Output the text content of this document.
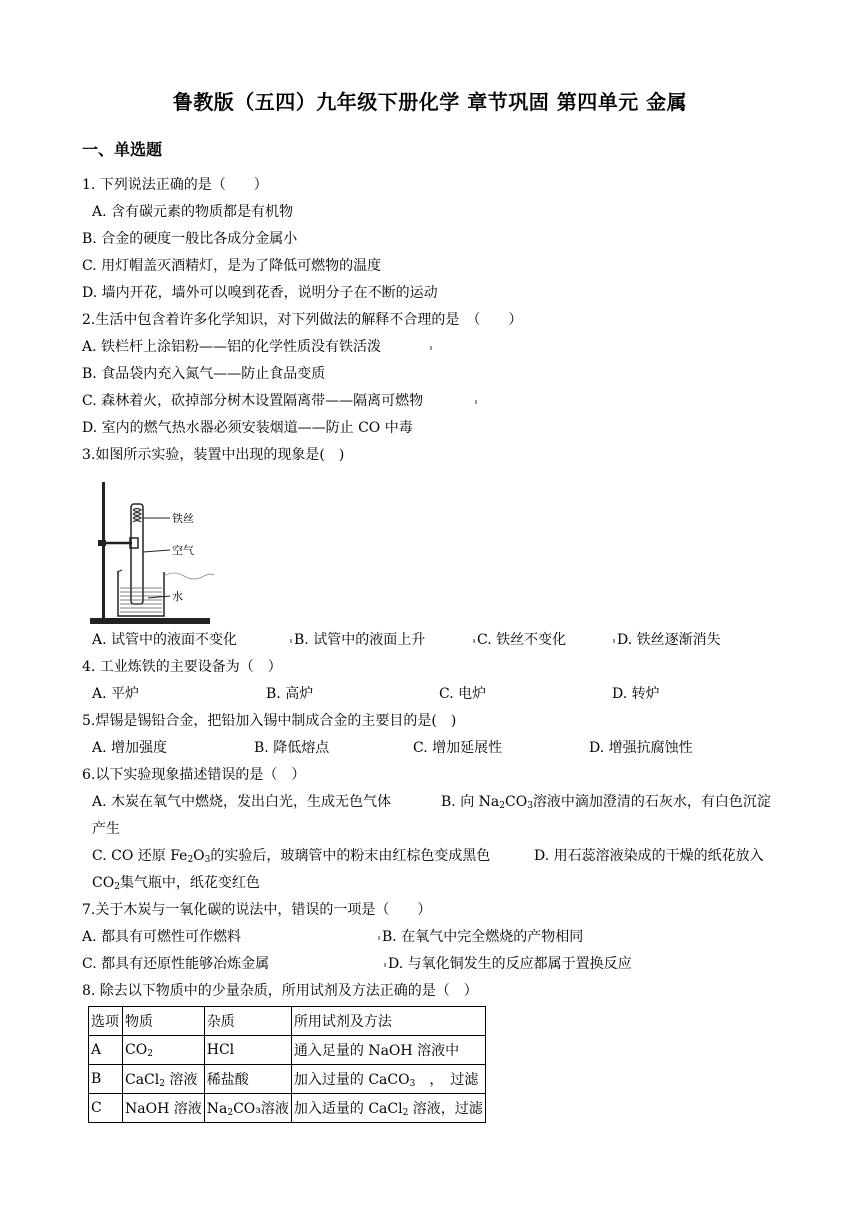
鲁教版（五四）九年级下册化学 章节巩固 第四单元 金属
一、单选题
1. 下列说法正确的是（　　）
A. 含有碳元素的物质都是有机物
B. 合金的硬度一般比各成分金属小
C. 用灯帽盖灭酒精灯，是为了降低可燃物的温度
D. 墙内开花，墙外可以嗅到花香，说明分子在不断的运动
2.生活中包含着许多化学知识，对下列做法的解释不合理的是　（　　）
A. 铁栏杆上涂铝粉——铝的化学性质没有铁活泼
B. 食品袋内充入氮气——防止食品变质
C. 森林着火，砍掉部分树木设置隔离带——隔离可燃物
D. 室内的燃气热水器必须安装烟道——防止 CO 中毒
3.如图所示实验，装置中出现的现象是(　)
铁丝
空气
水
A. 试管中的液面不变化	B. 试管中的液面上升	C. 铁丝不变化	D. 铁丝逐渐消失
4. 工业炼铁的主要设备为（　）
A. 平炉	B. 高炉	C. 电炉	D. 转炉
5.焊锡是锡铅合金，把铅加入锡中制成合金的主要目的是(　)
A. 增加强度	B. 降低熔点	C. 增加延展性	D. 增强抗腐蚀性
6.以下实验现象描述错误的是（　）
A. 木炭在氧气中燃烧，发出白光，生成无色气体	B. 向 $Na_2CO_3$溶液中滴加澄清的石灰水，有白色沉淀
产生
C. CO 还原 $Fe_2O_3$的实验后，玻璃管中的粉末由红棕色变成黑色	D. 用石蕊溶液染成的干燥的纸花放入
$CO_2$集气瓶中，纸花变红色
7.关于木炭与一氧化碳的说法中，错误的一项是（　　）
A. 都具有可燃性可作燃料	B. 在氧气中完全燃烧的产物相同
C. 都具有还原性能够冶炼金属	D. 与氧化铜发生的反应都属于置换反应
8. 除去以下物质中的少量杂质，所用试剂及方法正确的是（　）
选项	物质	杂质	所用试剂及方法
A	$CO_2$	HCl	通入足量的 NaOH 溶液中
B	CaCl$_2$ 溶液	稀盐酸	加入过量的 CaCO$_3$　，　过滤
C	NaOH 溶液	$Na_2CO_3$溶液	加入适量的 CaCl$_2$ 溶液，过滤
